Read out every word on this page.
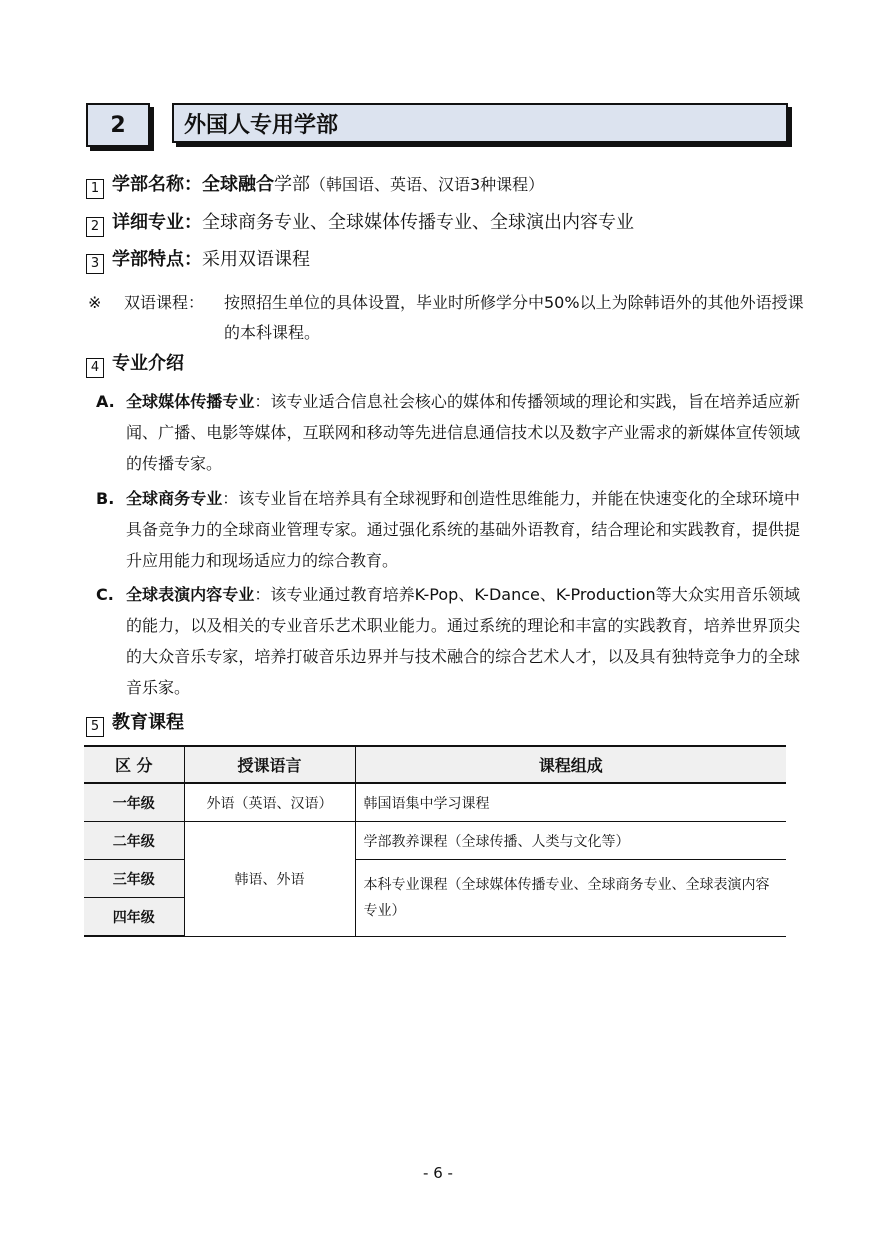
2	外国人专用学部
1 学部名称：全球融合学部（韩国语、英语、汉语3种课程）
2 详细专业：全球商务专业、全球媒体传播专业、全球演出内容专业
3 学部特点：采用双语课程
※ 双语课程： 按照招生单位的具体设置，毕业时所修学分中50%以上为除韩语外的其他外语授课的本科课程。
4 专业介绍
A. 全球媒体传播专业：该专业适合信息社会核心的媒体和传播领域的理论和实践，旨在培养适应新闻、广播、电影等媒体，互联网和移动等先进信息通信技术以及数字产业需求的新媒体宣传领域的传播专家。
B. 全球商务专业：该专业旨在培养具有全球视野和创造性思维能力，并能在快速变化的全球环境中具备竞争力的全球商业管理专家。通过强化系统的基础外语教育，结合理论和实践教育，提供提升应用能力和现场适应力的综合教育。
C. 全球表演内容专业：该专业通过教育培养K-Pop、K-Dance、K-Production等大众实用音乐领域的能力，以及相关的专业音乐艺术职业能力。通过系统的理论和丰富的实践教育，培养世界顶尖的大众音乐专家，培养打破音乐边界并与技术融合的综合艺术人才，以及具有独特竞争力的全球音乐家。
5 教育课程
区 分	授课语言	课程组成
一年级	外语（英语、汉语）	韩国语集中学习课程
二年级	韩语、外语	学部教养课程（全球传播、人类与文化等）
三年级		本科专业课程（全球媒体传播专业、全球商务专业、全球表演内容专业）
四年级		
- 6 -
